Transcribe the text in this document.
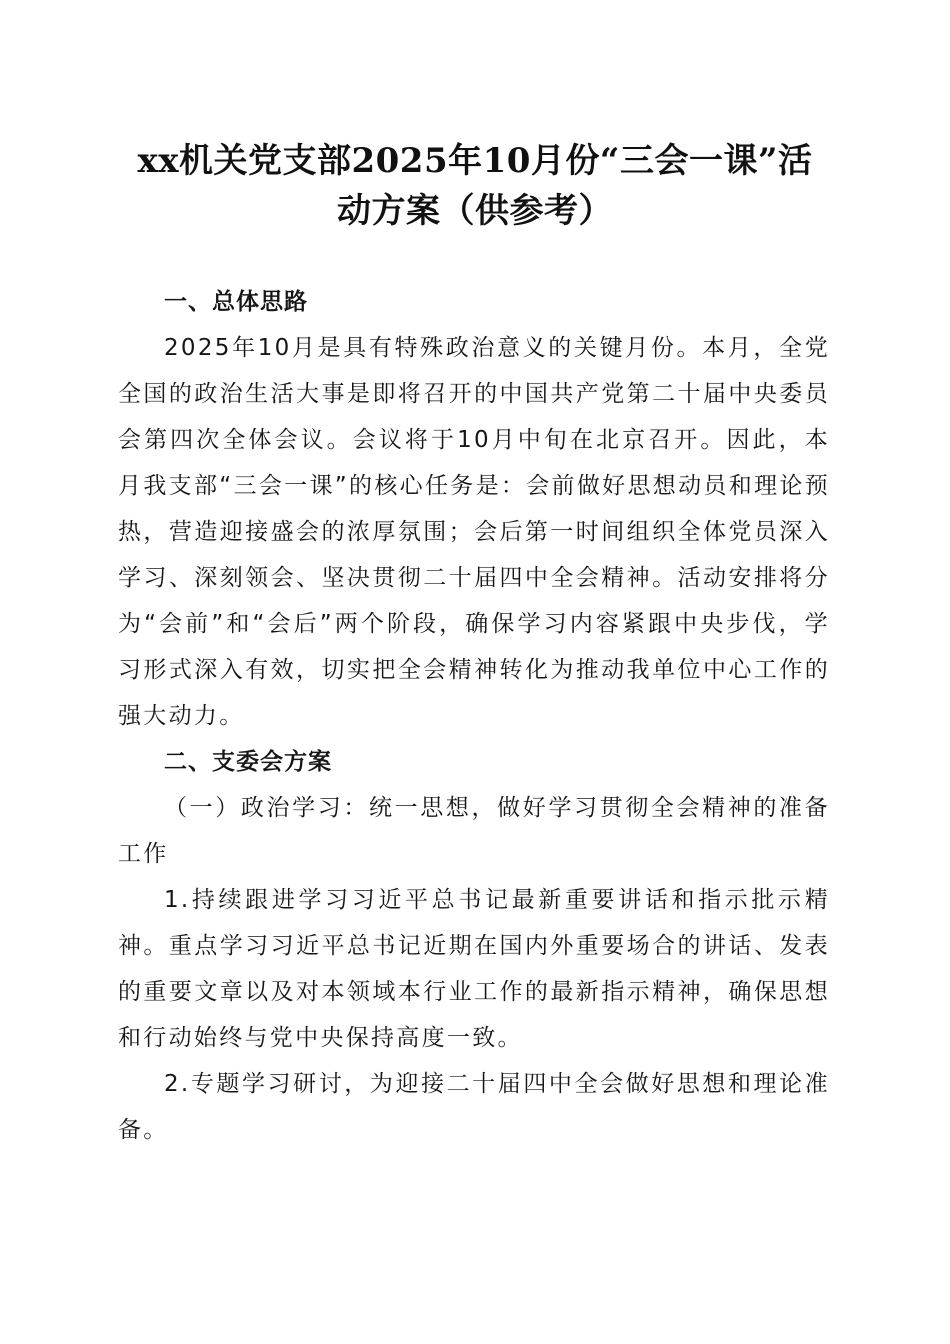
xx机关党支部2025年10月份“三会一课”活
动方案（供参考）
一、总体思路

2025年10月是具有特殊政治意义的关键月份。本月，全党全国的政治生活大事是即将召开的中国共产党第二十届中央委员会第四次全体会议。会议将于10月中旬在北京召开。因此，本月我支部“三会一课”的核心任务是：会前做好思想动员和理论预热，营造迎接盛会的浓厚氛围；会后第一时间组织全体党员深入学习、深刻领会、坚决贯彻二十届四中全会精神。活动安排将分为“会前”和“会后”两个阶段，确保学习内容紧跟中央步伐，学习形式深入有效，切实把全会精神转化为推动我单位中心工作的强大动力。

二、支委会方案

（一）政治学习：统一思想，做好学习贯彻全会精神的准备工作

1.持续跟进学习习近平总书记最新重要讲话和指示批示精神。重点学习习近平总书记近期在国内外重要场合的讲话、发表的重要文章以及对本领域本行业工作的最新指示精神，确保思想和行动始终与党中央保持高度一致。

2.专题学习研讨，为迎接二十届四中全会做好思想和理论准备。
